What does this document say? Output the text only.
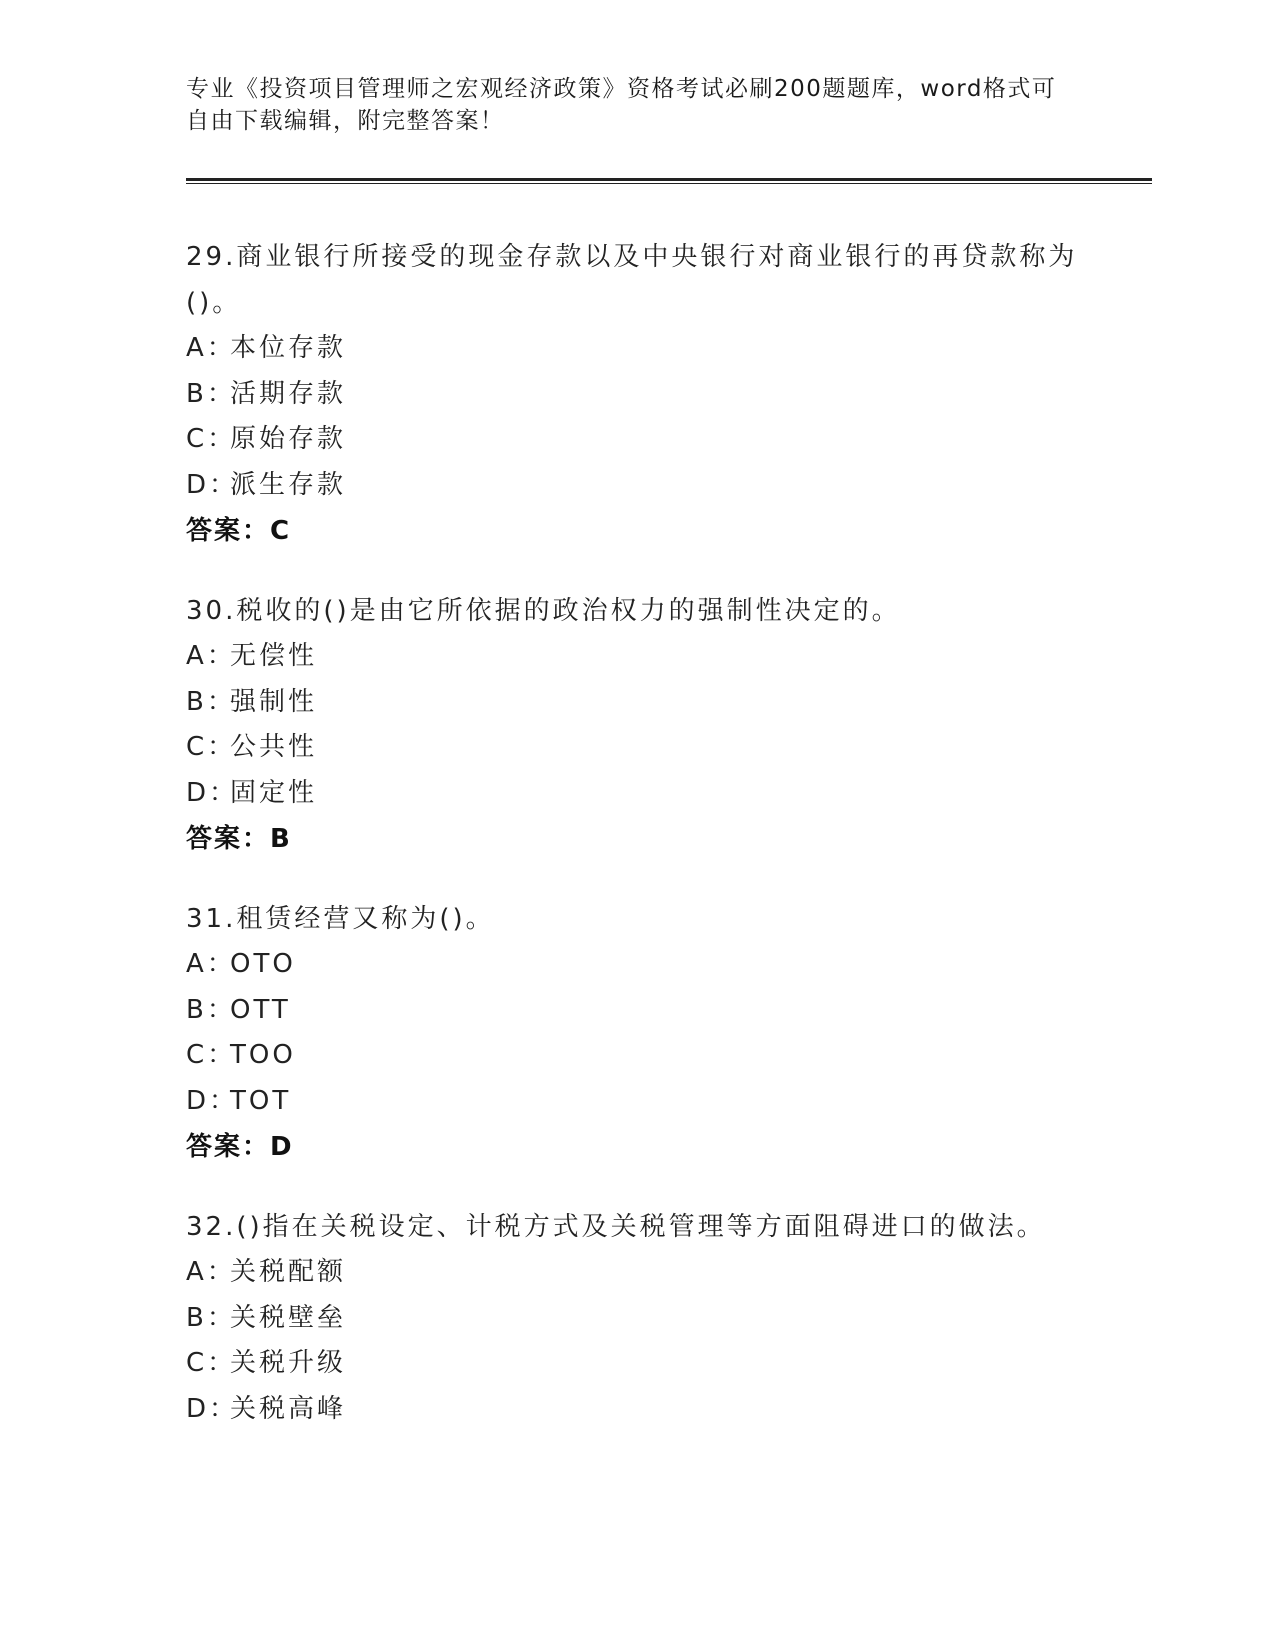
专业《投资项目管理师之宏观经济政策》资格考试必刷200题题库，word格式可自由下载编辑，附完整答案！
29.商业银行所接受的现金存款以及中央银行对商业银行的再贷款称为()。
A：本位存款
B：活期存款
C：原始存款
D：派生存款
答案：C
30.税收的()是由它所依据的政治权力的强制性决定的。
A：无偿性
B：强制性
C：公共性
D：固定性
答案：B
31.租赁经营又称为()。
A：OTO
B：OTT
C：TOO
D：TOT
答案：D
32.()指在关税设定、计税方式及关税管理等方面阻碍进口的做法。
A：关税配额
B：关税壁垒
C：关税升级
D：关税高峰
